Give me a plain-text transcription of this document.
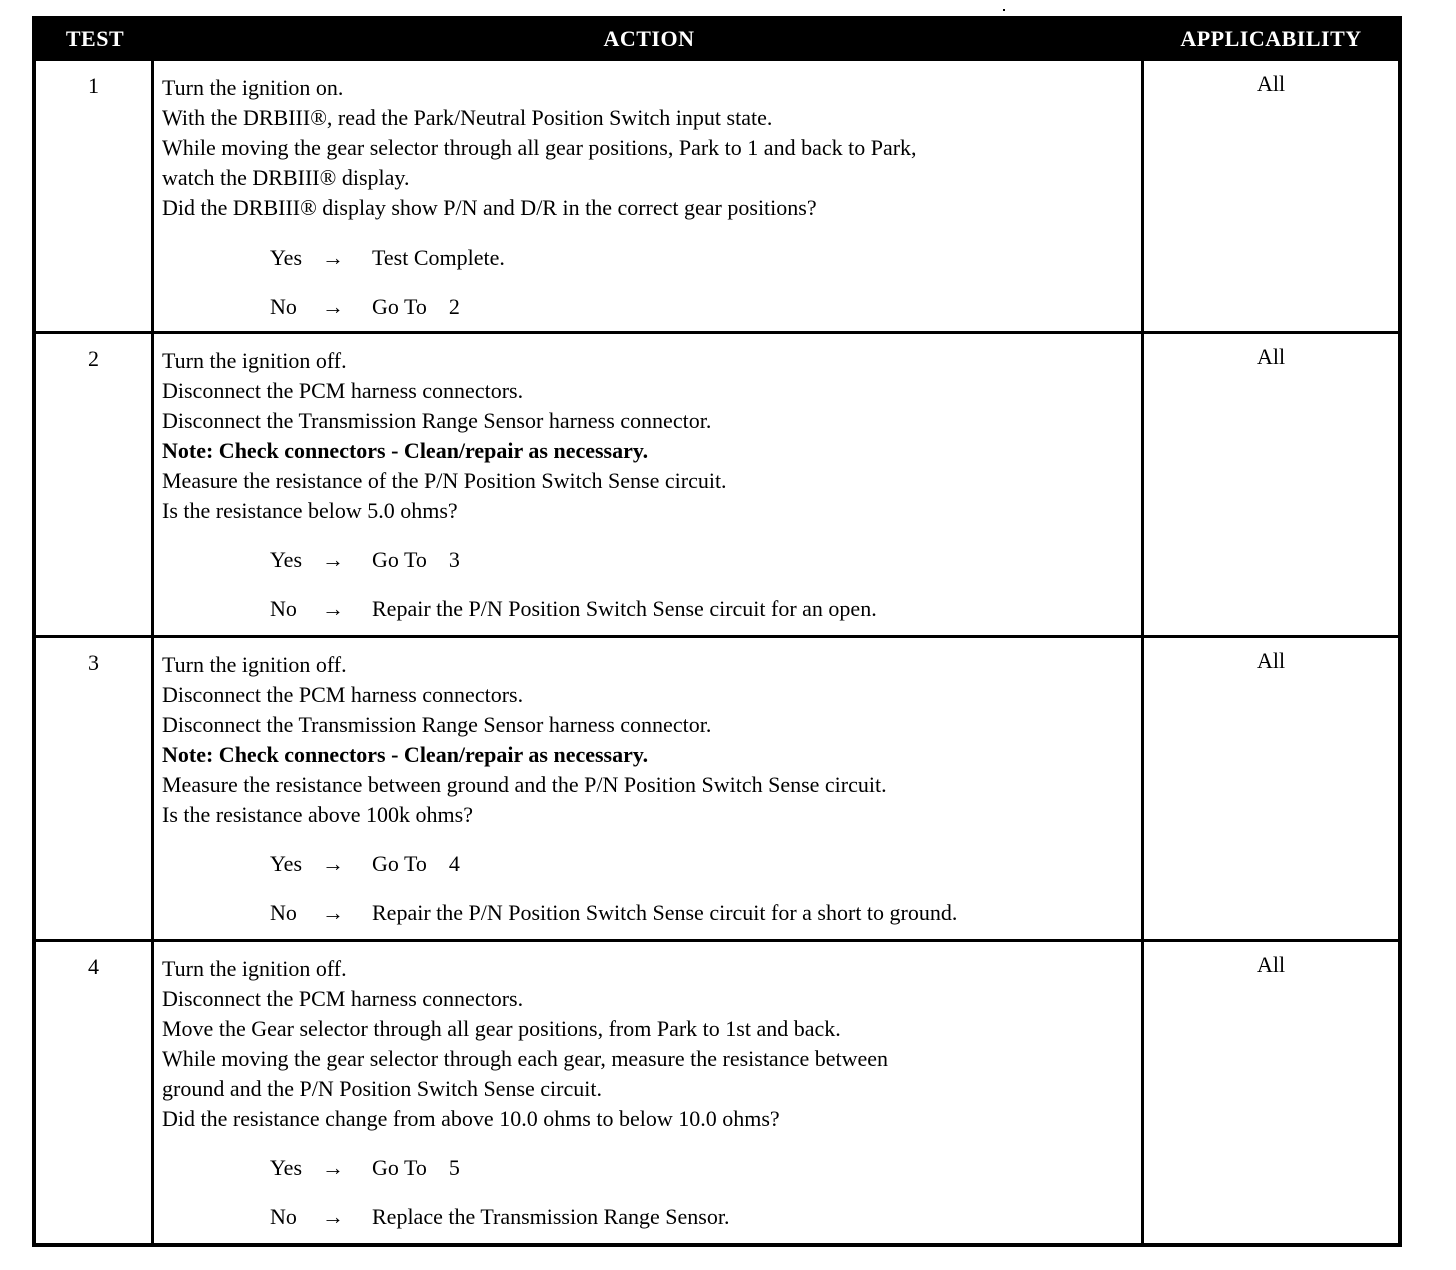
TEST	ACTION	APPLICABILITY
1	Turn the ignition on.
With the DRBIII®, read the Park/Neutral Position Switch input state.
While moving the gear selector through all gear positions, Park to 1 and back to Park,
watch the DRBIII® display.
Did the DRBIII® display show P/N and D/R in the correct gear positions?
Yes →	Test Complete.
No	→	Go To 2
All
2	Turn the ignition off.
Disconnect the PCM harness connectors.
Disconnect the Transmission Range Sensor harness connector.
Note: Check connectors - Clean/repair as necessary.
Measure the resistance of the P/N Position Switch Sense circuit.
Is the resistance below 5.0 ohms?
Yes →	Go To 3
No	→	Repair the P/N Position Switch Sense circuit for an open.
All
3	Turn the ignition off.
Disconnect the PCM harness connectors.
Disconnect the Transmission Range Sensor harness connector.
Note: Check connectors - Clean/repair as necessary.
Measure the resistance between ground and the P/N Position Switch Sense circuit.
Is the resistance above 100k ohms?
Yes →	Go To 4
No	→	Repair the P/N Position Switch Sense circuit for a short to ground.
All
4	Turn the ignition off.
Disconnect the PCM harness connectors.
Move the Gear selector through all gear positions, from Park to 1st and back.
While moving the gear selector through each gear, measure the resistance between
ground and the P/N Position Switch Sense circuit.
Did the resistance change from above 10.0 ohms to below 10.0 ohms?
Yes →	Go To 5
No	→	Replace the Transmission Range Sensor.
All
